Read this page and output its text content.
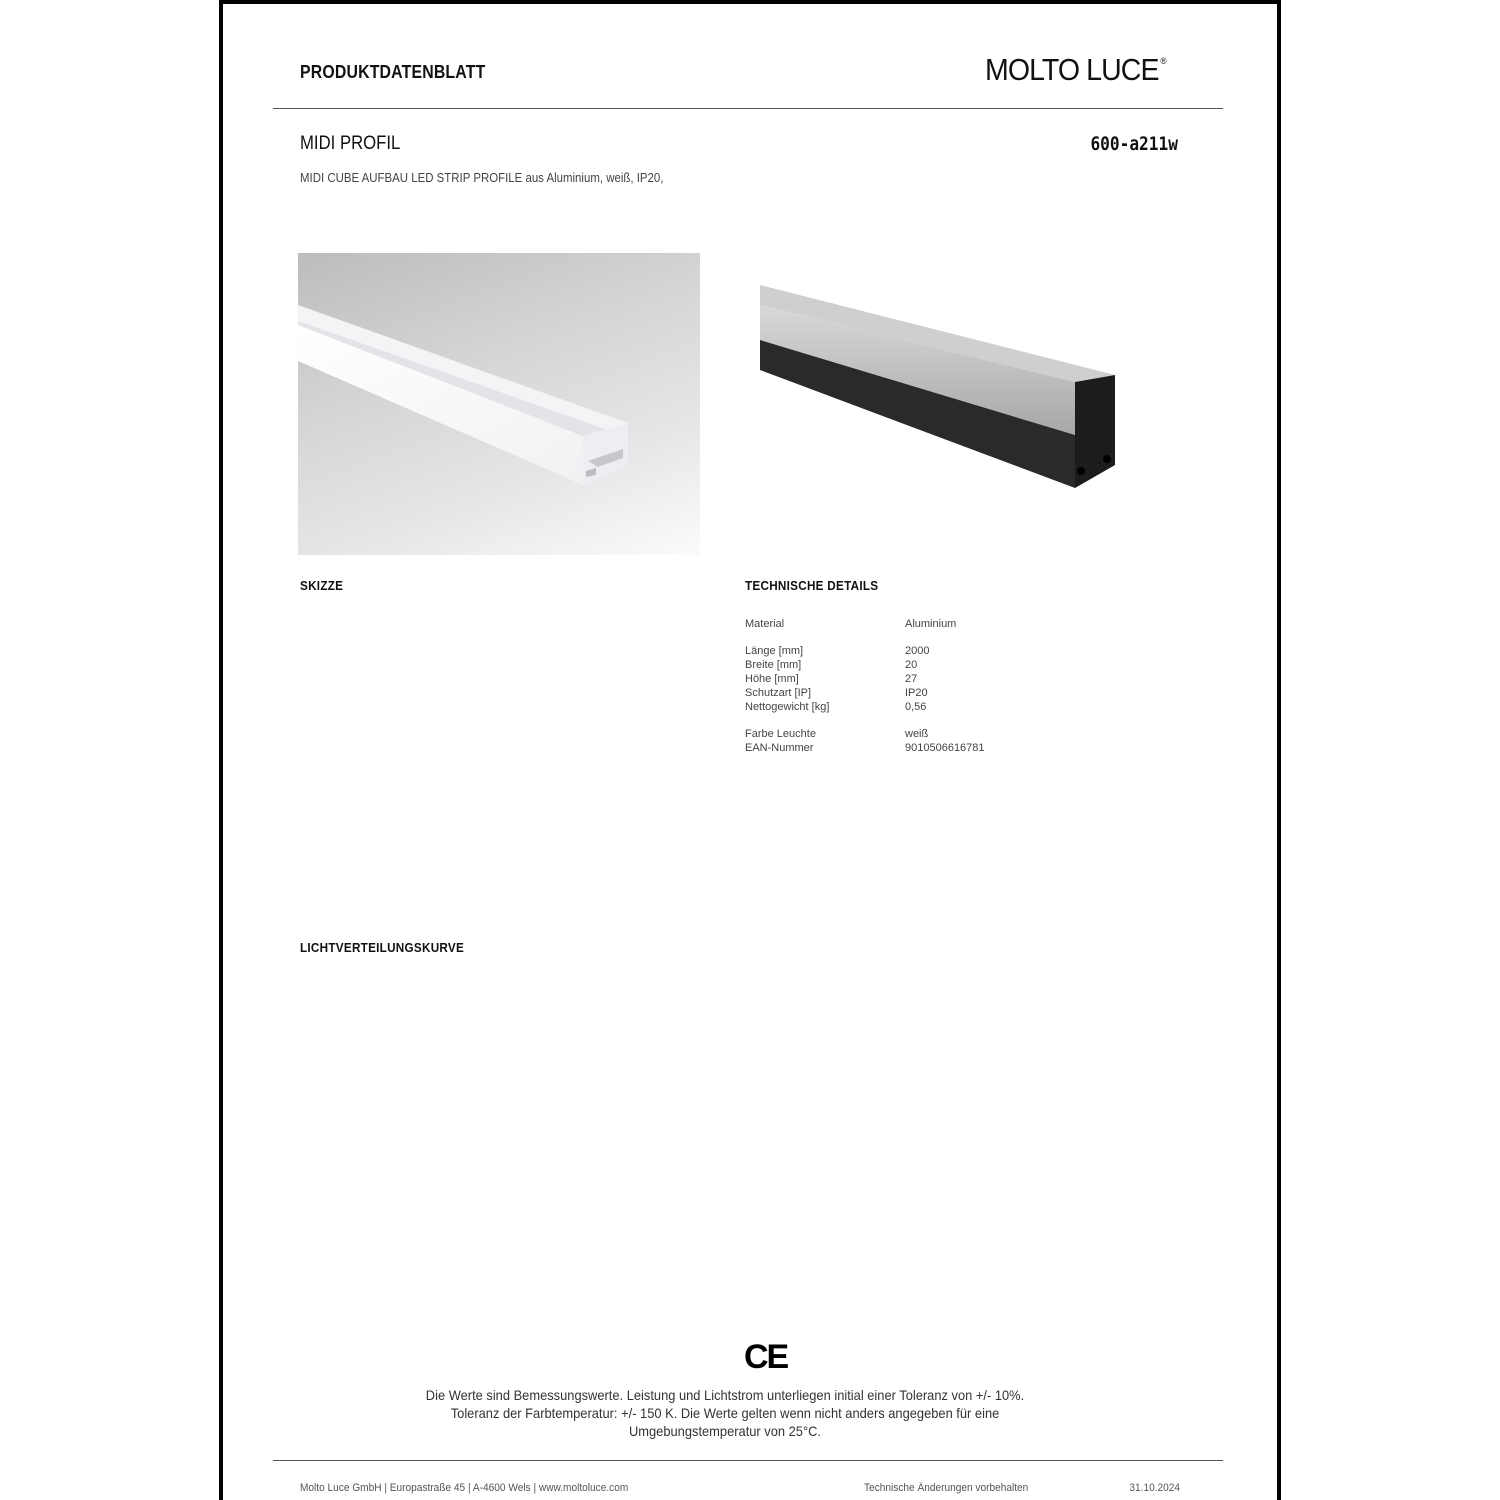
PRODUKTDATENBLATT	MOLTO LUCE ®
MIDI PROFIL	600-a211w
MIDI CUBE AUFBAU LED STRIP PROFILE aus Aluminium, weiß, IP20,
SKIZZE	TECHNISCHE DETAILS
Material	Aluminium
Länge [mm]	2000
Breite [mm]	20
Höhe [mm]	27
Schutzart [IP]	IP20
Nettogewicht [kg]	0,56
Farbe Leuchte	weiß
EAN-Nummer	9010506616781
LICHTVERTEILUNGSKURVE
CE
Die Werte sind Bemessungswerte. Leistung und Lichtstrom unterliegen initial einer Toleranz von +/- 10%.
Toleranz der Farbtemperatur: +/- 150 K. Die Werte gelten wenn nicht anders angegeben für eine
Umgebungstemperatur von 25°C.
Molto Luce GmbH | Europastraße 45 | A-4600 Wels | www.moltoluce.com	Technische Änderungen vorbehalten	31.10.2024
